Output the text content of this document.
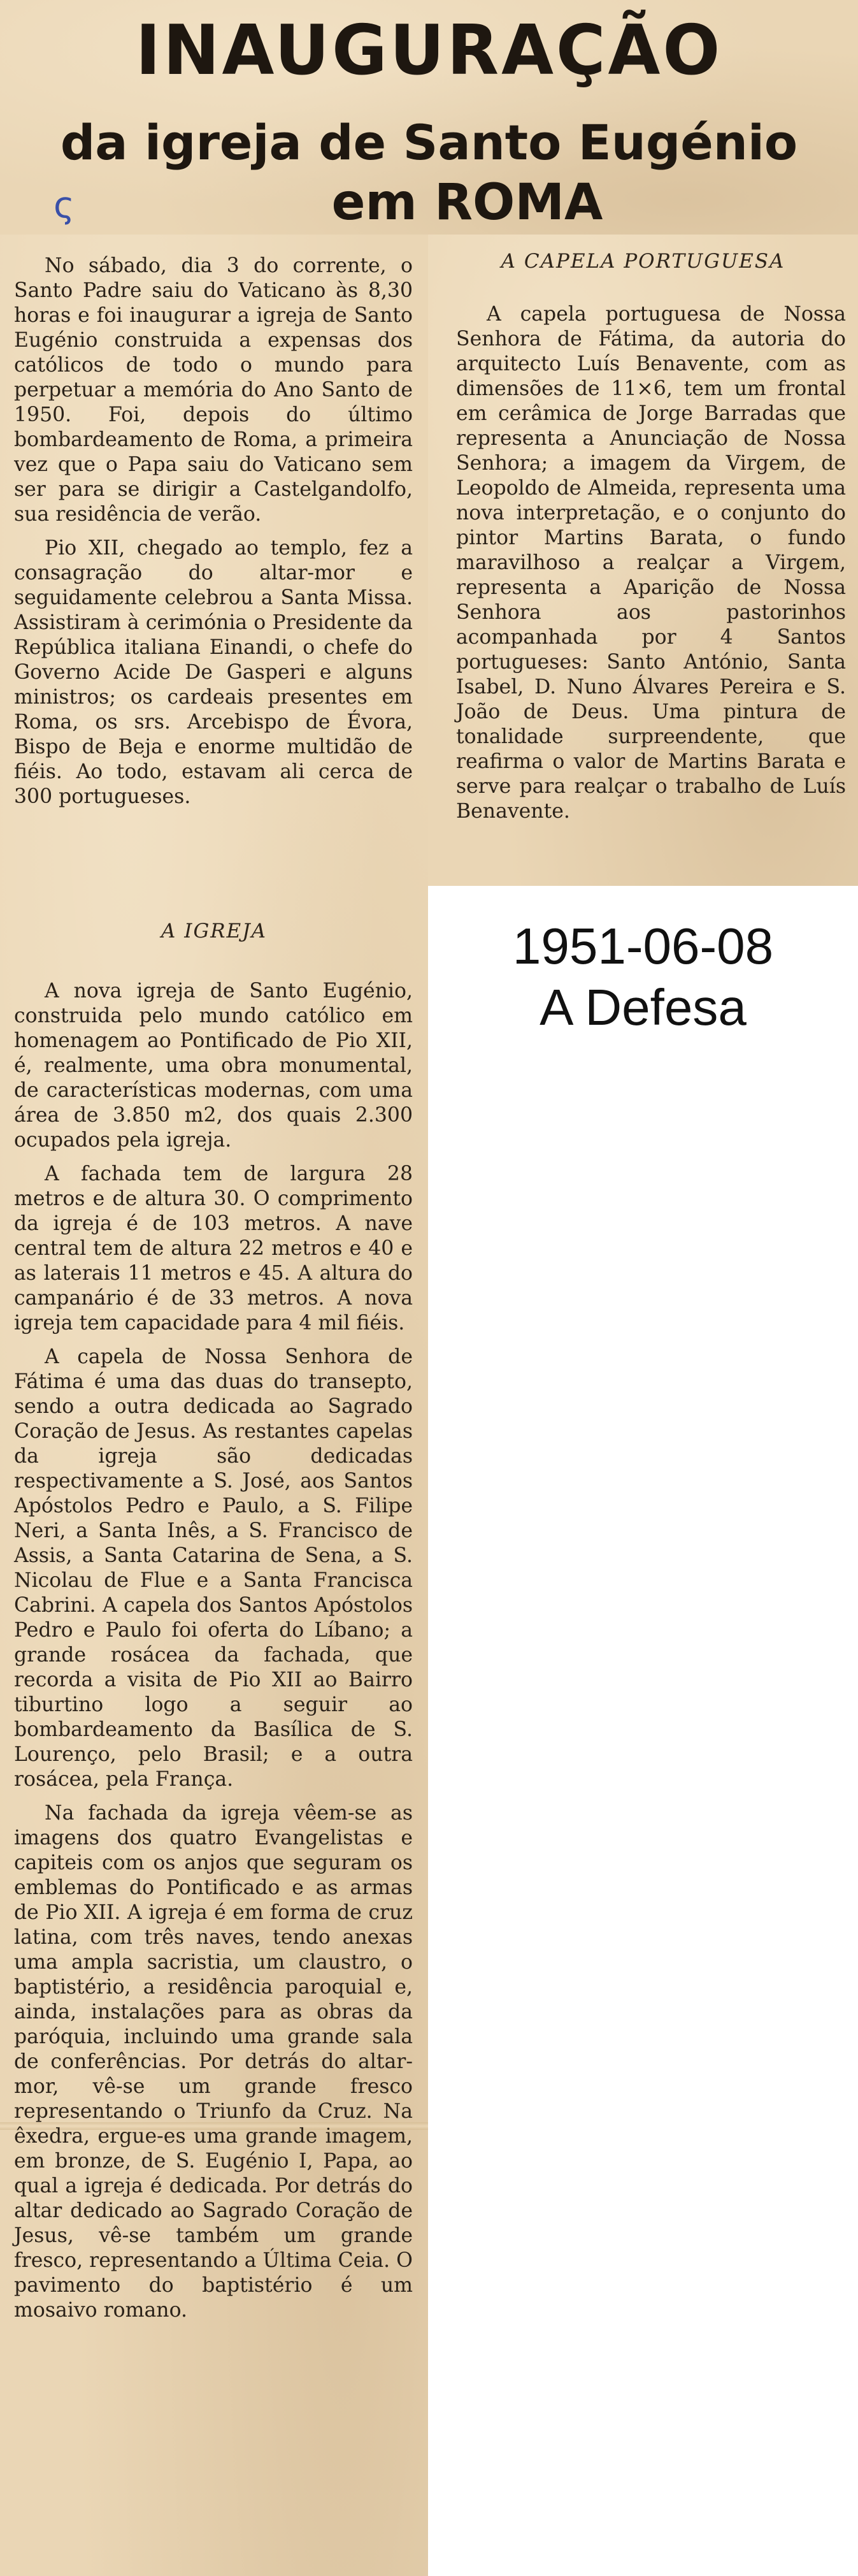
INAUGURAÇÃO
da igreja de Santo Eugénio
em ROMA
ς

No sábado, dia 3 do corrente, o Santo Padre saiu do Vaticano às 8,30 horas e foi inaugurar a igreja de Santo Eugénio construida a expensas dos católicos de todo o mundo para perpetuar a memória do Ano Santo de 1950. Foi, depois do último bombardeamento de Roma, a primeira vez que o Papa saiu do Vaticano sem ser para se dirigir a Castelgandolfo, sua residência de verão.

Pio XII, chegado ao templo, fez a consagração do altar-mor e seguidamente celebrou a Santa Missa. Assistiram à cerimónia o Presidente da República italiana Einandi, o chefe do Governo Acide De Gasperi e alguns ministros; os cardeais presentes em Roma, os srs. Arcebispo de Évora, Bispo de Beja e enorme multidão de fiéis. Ao todo, estavam ali cerca de 300 portugueses.

A CAPELA PORTUGUESA

A capela portuguesa de Nossa Senhora de Fátima, da autoria do arquitecto Luís Benavente, com as dimensões de 11×6, tem um frontal em cerâmica de Jorge Barradas que representa a Anunciação de Nossa Senhora; a imagem da Virgem, de Leopoldo de Almeida, representa uma nova interpretação, e o conjunto do pintor Martins Barata, o fundo maravilhoso a realçar a Virgem, representa a Aparição de Nossa Senhora aos pastorinhos acompanhada por 4 Santos portugueses: Santo António, Santa Isabel, D. Nuno Álvares Pereira e S. João de Deus. Uma pintura de tonalidade surpreendente, que reafirma o valor de Martins Barata e serve para realçar o trabalho de Luís Benavente.

A IGREJA

A nova igreja de Santo Eugénio, construida pelo mundo católico em homenagem ao Pontificado de Pio XII, é, realmente, uma obra monumental, de características modernas, com uma área de 3.850 m2, dos quais 2.300 ocupados pela igreja.

A fachada tem de largura 28 metros e de altura 30. O comprimento da igreja é de 103 metros. A nave central tem de altura 22 metros e 40 e as laterais 11 metros e 45. A altura do campanário é de 33 metros. A nova igreja tem capacidade para 4 mil fiéis.

A capela de Nossa Senhora de Fátima é uma das duas do transepto, sendo a outra dedicada ao Sagrado Coração de Jesus. As restantes capelas da igreja são dedicadas respectivamente a S. José, aos Santos Apóstolos Pedro e Paulo, a S. Filipe Neri, a Santa Inês, a S. Francisco de Assis, a Santa Catarina de Sena, a S. Nicolau de Flue e a Santa Francisca Cabrini. A capela dos Santos Apóstolos Pedro e Paulo foi oferta do Líbano; a grande rosácea da fachada, que recorda a visita de Pio XII ao Bairro tiburtino logo a seguir ao bombardeamento da Basílica de S. Lourenço, pelo Brasil; e a outra rosácea, pela França.

Na fachada da igreja vêem-se as imagens dos quatro Evangelistas e capiteis com os anjos que seguram os emblemas do Pontificado e as armas de Pio XII. A igreja é em forma de cruz latina, com três naves, tendo anexas uma ampla sacristia, um claustro, o baptistério, a residência paroquial e, ainda, instalações para as obras da paróquia, incluindo uma grande sala de conferências. Por detrás do altar-mor, vê-se um grande fresco representando o Triunfo da Cruz. Na êxedra, ergue-es uma grande imagem, em bronze, de S. Eugénio I, Papa, ao qual a igreja é dedicada. Por detrás do altar dedicado ao Sagrado Coração de Jesus, vê-se também um grande fresco, representando a Última Ceia. O pavimento do baptistério é um mosaivo romano.

1951-06-08
A Defesa
